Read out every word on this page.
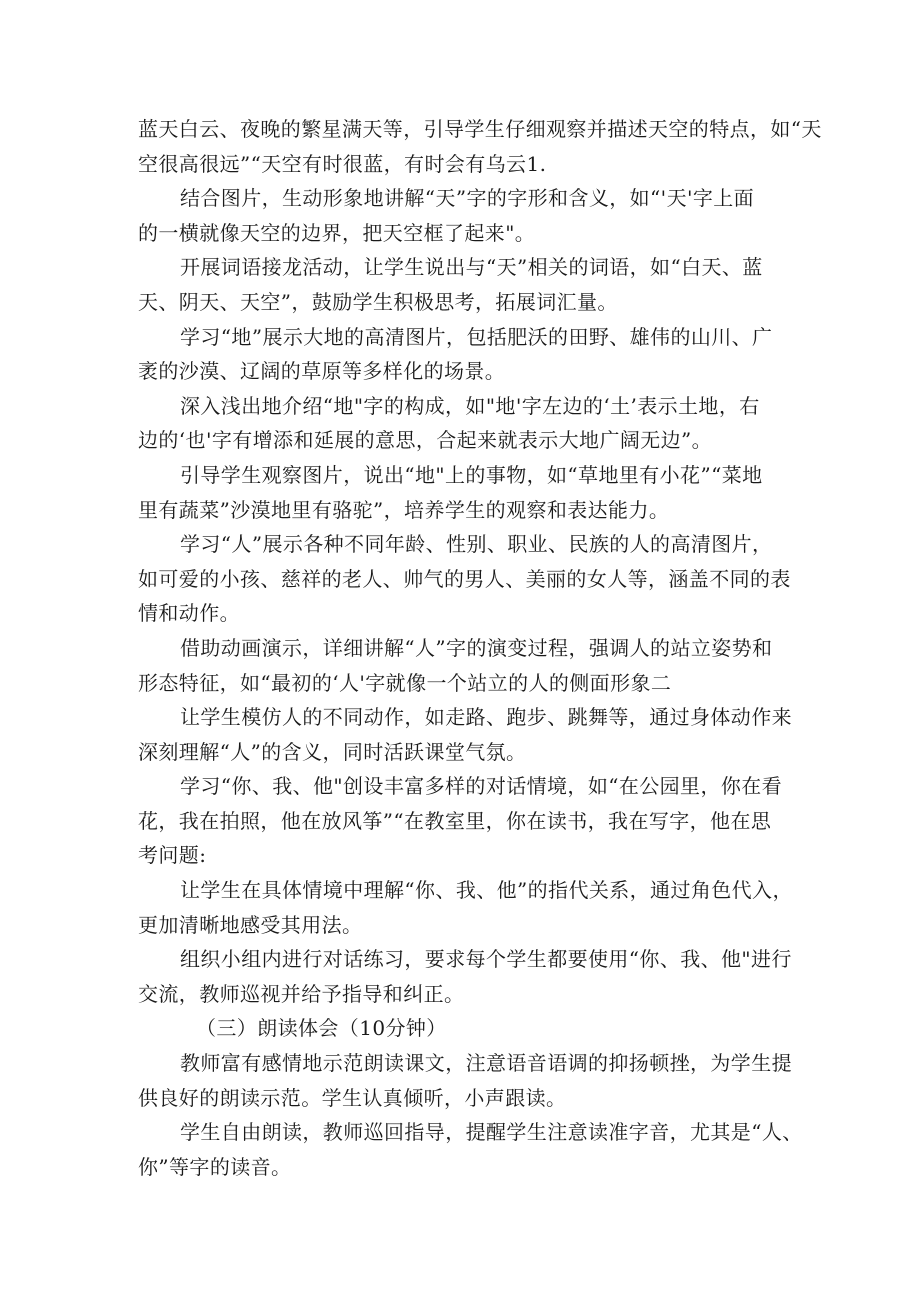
蓝天白云、夜晚的繁星满天等，引导学生仔细观察并描述天空的特点，如“天
空很高很远”“天空有时很蓝，有时会有乌云1.

结合图片，生动形象地讲解“天”字的字形和含义，如“'天'字上面
的一横就像天空的边界，把天空框了起来"。

开展词语接龙活动，让学生说出与“天”相关的词语，如“白天、蓝
天、阴天、天空”，鼓励学生积极思考，拓展词汇量。

学习“地”展示大地的高清图片，包括肥沃的田野、雄伟的山川、广
袤的沙漠、辽阔的草原等多样化的场景。

深入浅出地介绍“地"字的构成，如"地'字左边的‘土’表示土地，右
边的‘也'字有增添和延展的意思，合起来就表示大地广阔无边”。

引导学生观察图片，说出“地"上的事物，如“草地里有小花”“菜地
里有蔬菜”沙漠地里有骆驼”，培养学生的观察和表达能力。

学习“人”展示各种不同年龄、性别、职业、民族的人的高清图片，
如可爱的小孩、慈祥的老人、帅气的男人、美丽的女人等，涵盖不同的表
情和动作。

借助动画演示，详细讲解“人”字的演变过程，强调人的站立姿势和
形态特征，如“最初的‘人'字就像一个站立的人的侧面形象二

让学生模仿人的不同动作，如走路、跑步、跳舞等，通过身体动作来
深刻理解“人”的含义，同时活跃课堂气氛。

学习“你、我、他"创设丰富多样的对话情境，如“在公园里，你在看
花，我在拍照，他在放风筝”“在教室里，你在读书，我在写字，他在思
考问题:

让学生在具体情境中理解“你、我、他”的指代关系，通过角色代入，
更加清晰地感受其用法。

组织小组内进行对话练习，要求每个学生都要使用“你、我、他"进行
交流，教师巡视并给予指导和纠正。

（三）朗读体会（10分钟）

教师富有感情地示范朗读课文，注意语音语调的抑扬顿挫，为学生提
供良好的朗读示范。学生认真倾听，小声跟读。

学生自由朗读，教师巡回指导，提醒学生注意读准字音，尤其是“人、
你”等字的读音。
